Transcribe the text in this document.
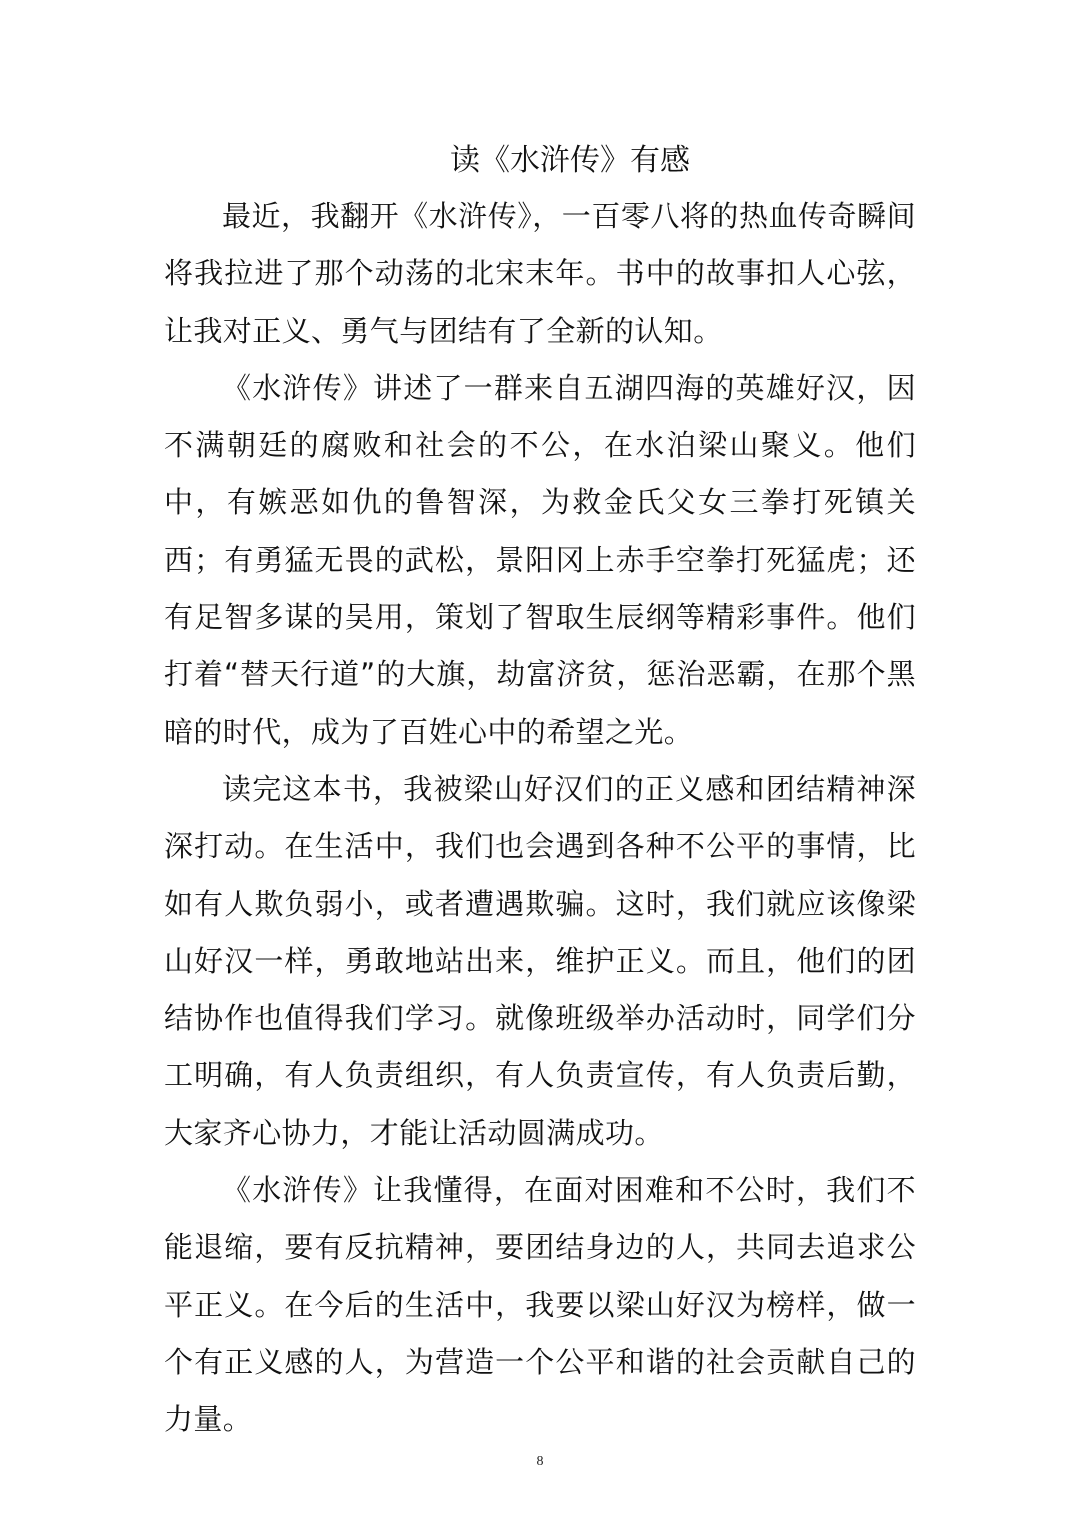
读《水浒传》有感

最近，我翻开《水浒传》，一百零八将的热血传奇瞬间将我拉进了那个动荡的北宋末年。书中的故事扣人心弦，让我对正义、勇气与团结有了全新的认知。

《水浒传》讲述了一群来自五湖四海的英雄好汉，因不满朝廷的腐败和社会的不公，在水泊梁山聚义。他们中，有嫉恶如仇的鲁智深，为救金氏父女三拳打死镇关西；有勇猛无畏的武松，景阳冈上赤手空拳打死猛虎；还有足智多谋的吴用，策划了智取生辰纲等精彩事件。他们打着“替天行道”的大旗，劫富济贫，惩治恶霸，在那个黑暗的时代，成为了百姓心中的希望之光。

读完这本书，我被梁山好汉们的正义感和团结精神深深打动。在生活中，我们也会遇到各种不公平的事情，比如有人欺负弱小，或者遭遇欺骗。这时，我们就应该像梁山好汉一样，勇敢地站出来，维护正义。而且，他们的团结协作也值得我们学习。就像班级举办活动时，同学们分工明确，有人负责组织，有人负责宣传，有人负责后勤，大家齐心协力，才能让活动圆满成功。

《水浒传》让我懂得，在面对困难和不公时，我们不能退缩，要有反抗精神，要团结身边的人，共同去追求公平正义。在今后的生活中，我要以梁山好汉为榜样，做一个有正义感的人，为营造一个公平和谐的社会贡献自己的力量。

8
